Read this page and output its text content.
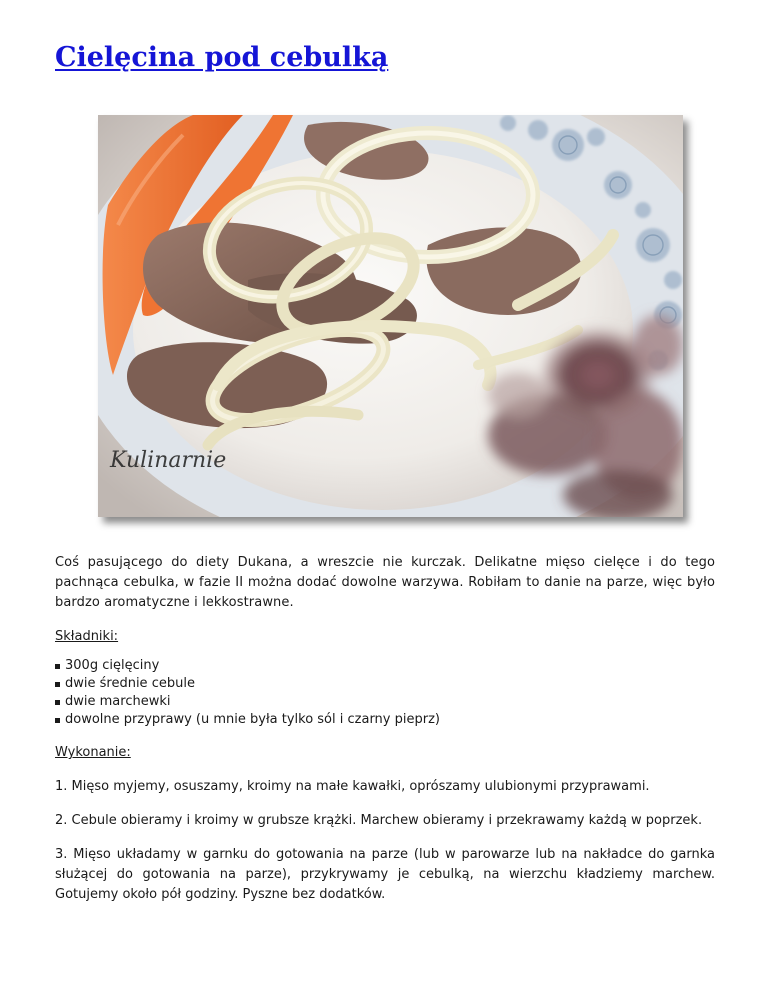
Cielęcina pod cebulką
Kulinarnie

Coś pasującego do diety Dukana, a wreszcie nie kurczak. Delikatne mięso cielęce i do tego pachnąca cebulka, w fazie II można dodać dowolne warzywa. Robiłam to danie na parze, więc było bardzo aromatyczne i lekkostrawne.

Składniki:

300g cięlęciny
dwie średnie cebule
dwie marchewki
dowolne przyprawy (u mnie była tylko sól i czarny pieprz)

Wykonanie:

1. Mięso myjemy, osuszamy, kroimy na małe kawałki, oprószamy ulubionymi przyprawami.

2. Cebule obieramy i kroimy w grubsze krążki. Marchew obieramy i przekrawamy każdą w poprzek.

3. Mięso układamy w garnku do gotowania na parze (lub w parowarze lub na nakładce do garnka służącej do gotowania na parze), przykrywamy je cebulką, na wierzchu kładziemy marchew. Gotujemy około pół godziny. Pyszne bez dodatków.
